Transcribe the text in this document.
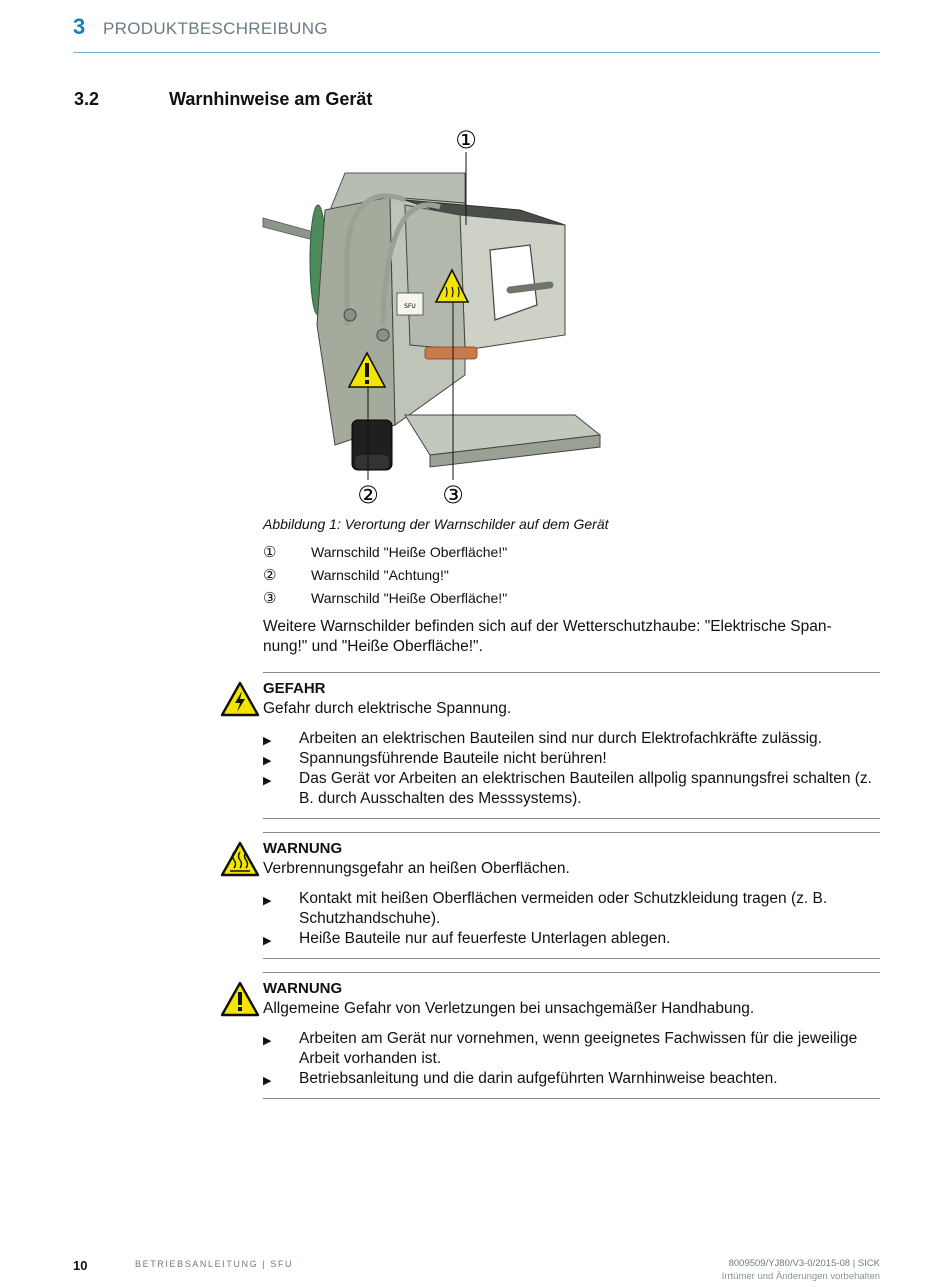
3 PRODUKTBESCHREIBUNG
3.2	Warnhinweise am Gerät
①
②	③
SFU
Abbildung 1: Verortung der Warnschilder auf dem Gerät
① Warnschild "Heiße Oberfläche!"
② Warnschild "Achtung!"
③ Warnschild "Heiße Oberfläche!"
Weitere Warnschilder befinden sich auf der Wetterschutzhaube: "Elektrische Spannung!" und "Heiße Oberfläche!".
GEFAHR
Gefahr durch elektrische Spannung.
▶ Arbeiten an elektrischen Bauteilen sind nur durch Elektrofachkräfte zulässig.
▶ Spannungsführende Bauteile nicht berühren!
▶ Das Gerät vor Arbeiten an elektrischen Bauteilen allpolig spannungsfrei schalten (z. B. durch Ausschalten des Messsystems).
WARNUNG
Verbrennungsgefahr an heißen Oberflächen.
▶ Kontakt mit heißen Oberflächen vermeiden oder Schutzkleidung tragen (z. B. Schutzhandschuhe).
▶ Heiße Bauteile nur auf feuerfeste Unterlagen ablegen.
WARNUNG
Allgemeine Gefahr von Verletzungen bei unsachgemäßer Handhabung.
▶ Arbeiten am Gerät nur vornehmen, wenn geeignetes Fachwissen für die jeweilige Arbeit vorhanden ist.
▶ Betriebsanleitung und die darin aufgeführten Warnhinweise beachten.
10	BETRIEBSANLEITUNG | SFU	8009509/YJ80/V3-0/2015-08 | SICK
Irrtümer und Änderungen vorbehalten
